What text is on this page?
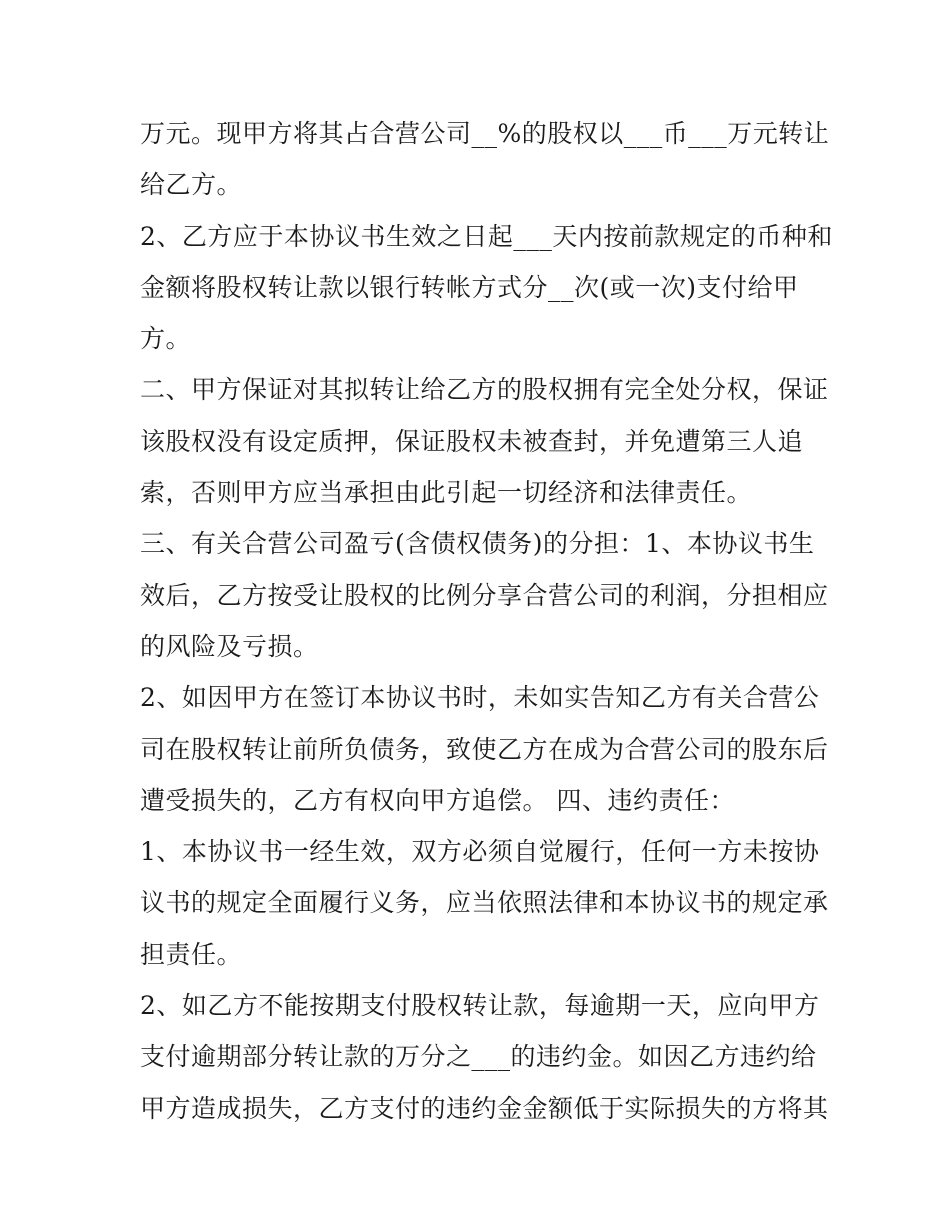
万元。现甲方将其占合营公司__%的股权以___币___万元转让
给乙方。
2、乙方应于本协议书生效之日起___天内按前款规定的币种和
金额将股权转让款以银行转帐方式分__次(或一次)支付给甲
方。
二、甲方保证对其拟转让给乙方的股权拥有完全处分权，保证
该股权没有设定质押，保证股权未被查封，并免遭第三人追
索，否则甲方应当承担由此引起一切经济和法律责任。
三、有关合营公司盈亏(含债权债务)的分担：1、本协议书生
效后，乙方按受让股权的比例分享合营公司的利润，分担相应
的风险及亏损。
2、如因甲方在签订本协议书时，未如实告知乙方有关合营公
司在股权转让前所负债务，致使乙方在成为合营公司的股东后
遭受损失的，乙方有权向甲方追偿。 四、违约责任：
1、本协议书一经生效，双方必须自觉履行，任何一方未按协
议书的规定全面履行义务，应当依照法律和本协议书的规定承
担责任。
2、如乙方不能按期支付股权转让款，每逾期一天，应向甲方
支付逾期部分转让款的万分之___的违约金。如因乙方违约给
甲方造成损失，乙方支付的违约金金额低于实际损失的方将其
